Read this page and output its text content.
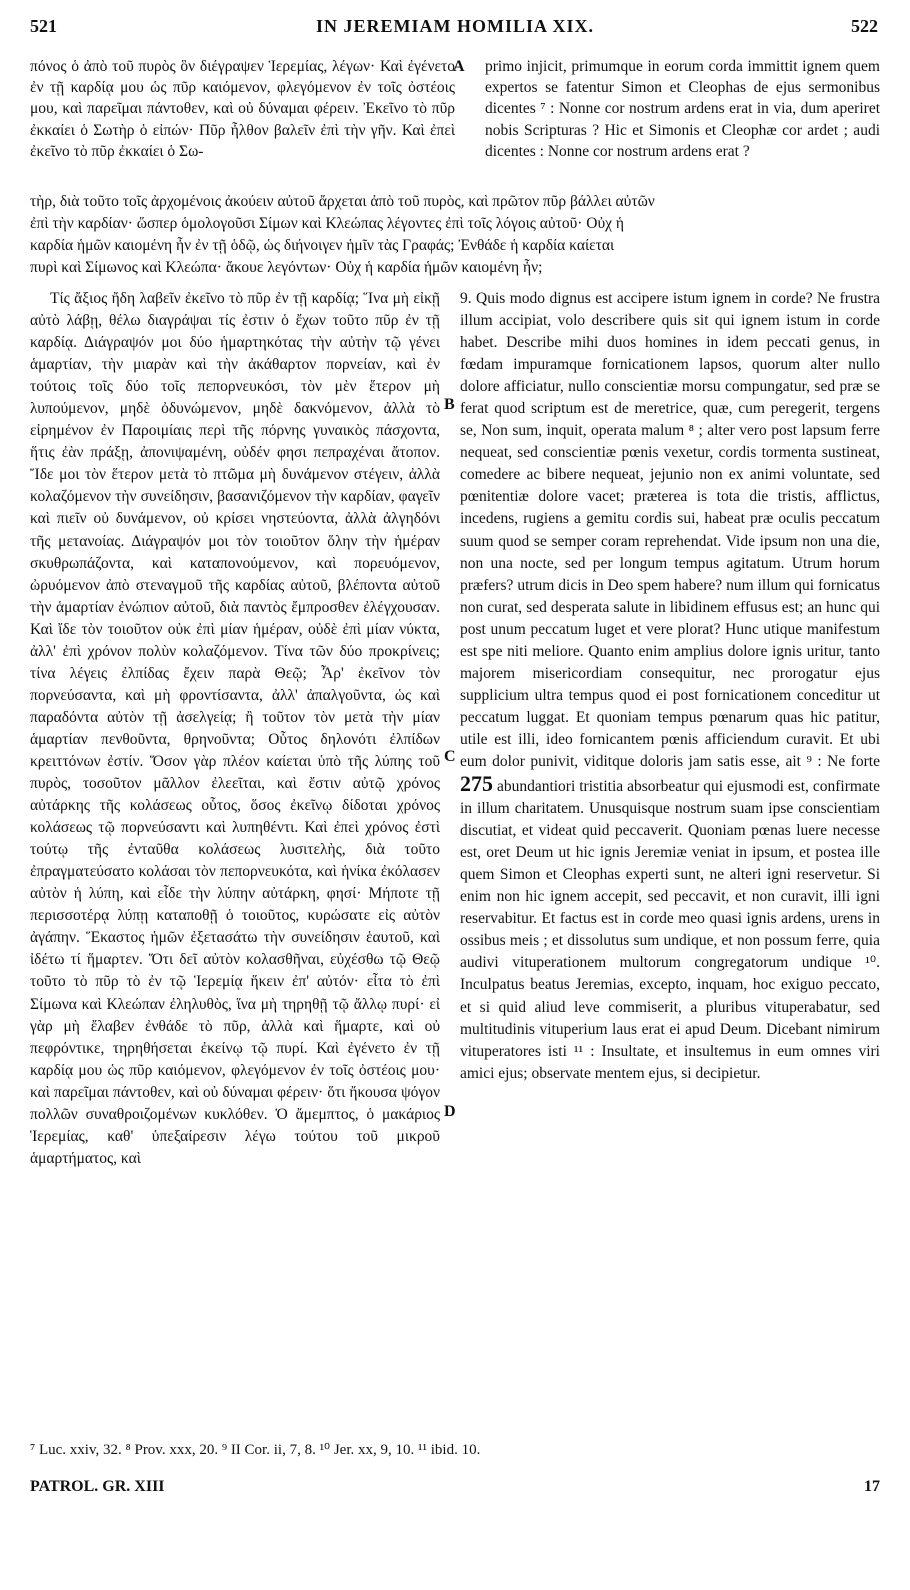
521	IN JEREMIAM HOMILIA XIX.	522

πόνος ὁ ἀπὸ τοῦ πυρὸς ὃν διέγραψεν Ἱερεμίας, λέγων· Καὶ ἐγένετο ἐν τῇ καρδίᾳ μου ὡς πῦρ καιόμενον, φλεγόμενον ἐν τοῖς ὀστέοις μου, καὶ παρεῖμαι πάντοθεν, καὶ οὐ δύναμαι φέρειν. Ἐκεῖνο τὸ πῦρ ἐκκαίει ὁ Σωτὴρ ὁ εἰπών· Πῦρ ἦλθον βαλεῖν ἐπὶ τὴν γῆν. Καὶ ἐπεὶ ἐκεῖνο τὸ πῦρ ἐκκαίει ὁ Σω-

A primo injicit, primumque in eorum corda immittit ignem quem expertos se fatentur Simon et Cleophas de ejus sermonibus dicentes ⁷ : Nonne cor nostrum ardens erat in via, dum aperiret nobis Scripturas ? Hic et Simonis et Cleophæ cor ardet ; audi dicentes : Nonne cor nostrum ardens erat ?

τὴρ, διὰ τοῦτο τοῖς ἀρχομένοις ἀκούειν αὐτοῦ ἄρχεται ἀπὸ τοῦ πυρὸς, καὶ πρῶτον πῦρ βάλλει αὐτῶν

ἐπὶ τὴν καρδίαν· ὥσπερ ὁμολογοῦσι Σίμων καὶ Κλεώπας λέγοντες ἐπὶ τοῖς λόγοις αὐτοῦ· Οὐχ ἡ

καρδία ἡμῶν καιομένη ἦν ἐν τῇ ὁδῷ, ὡς διήνοιγεν ἡμῖν τὰς Γραφάς; Ἐνθάδε ἡ καρδία καίεται

πυρὶ καὶ Σίμωνος καὶ Κλεώπα· ἄκουε λεγόντων· Οὐχ ἡ καρδία ἡμῶν καιομένη ἦν;

Τίς ἄξιος ἤδη λαβεῖν ἐκεῖνο τὸ πῦρ ἐν τῇ καρδίᾳ; Ἵνα μὴ εἰκῇ αὐτὸ λάβῃ, θέλω διαγράψαι τίς ἐστιν ὁ ἔχων τοῦτο πῦρ ἐν τῇ καρδίᾳ. Διάγραψόν μοι δύο ἡμαρτηκότας τὴν αὐτὴν τῷ γένει ἁμαρτίαν, τὴν μιαρὰν καὶ τὴν ἀκάθαρτον πορνείαν, καὶ ἐν τούτοις τοῖς δύο τοῖς πεπορνευκόσι, τὸν μὲν ἕτερον μὴ λυπούμενον, μηδὲ ὀδυνώμενον, μηδὲ δακνόμενον, ἀλλὰ τὸ εἰρημένον ἐν Παροιμίαις περὶ τῆς πόρνης γυναικὸς πάσχοντα, ἥτις ἐὰν πράξῃ, ἀπονιψαμένη, οὐδέν φησι πεπραχέναι ἄτοπον. Ἴδε μοι τὸν ἕτερον μετὰ τὸ πτῶμα μὴ δυνάμενον στέγειν, ἀλλὰ κολαζόμενον τὴν συνείδησιν, βασανιζόμενον τὴν καρδίαν, φαγεῖν καὶ πιεῖν οὐ δυνάμενον, οὐ κρίσει νηστεύοντα, ἀλλὰ ἀλγηδόνι τῆς μετανοίας. Διάγραψόν μοι τὸν τοιοῦτον ὅλην τὴν ἡμέραν σκυθρωπάζοντα, καὶ καταπονούμενον, καὶ πορευόμενον, ὠρυόμενον ἀπὸ στεναγμοῦ τῆς καρδίας αὐτοῦ, βλέποντα αὐτοῦ τὴν ἁμαρτίαν ἐνώπιον αὐτοῦ, διὰ παντὸς ἔμπροσθεν ἐλέγχουσαν. Καὶ ἴδε τὸν τοιοῦτον οὐκ ἐπὶ μίαν ἡμέραν, οὐδὲ ἐπὶ μίαν νύκτα, ἀλλ' ἐπὶ χρόνον πολὺν κολαζόμενον. Τίνα τῶν δύο προκρίνεις; τίνα λέγεις ἐλπίδας ἔχειν παρὰ Θεῷ; Ἆρ' ἐκεῖνον τὸν πορνεύσαντα, καὶ μὴ φροντίσαντα, ἀλλ' ἀπαλγοῦντα, ὡς καὶ παραδόντα αὐτὸν τῇ ἀσελγείᾳ; ἢ τοῦτον τὸν μετὰ τὴν μίαν ἁμαρτίαν πενθοῦντα, θρηνοῦντα; Οὗτος δηλονότι ἐλπίδων κρειττόνων ἐστίν. Ὅσον γὰρ πλέον καίεται ὑπὸ τῆς λύπης τοῦ πυρὸς, τοσοῦτον μᾶλλον ἐλεεῖται, καὶ ἔστιν αὐτῷ χρόνος αὐτάρκης τῆς κολάσεως οὗτος, ὅσος ἐκεῖνῳ δίδοται χρόνος κολάσεως τῷ πορνεύσαντι καὶ λυπηθέντι. Καὶ ἐπεὶ χρόνος ἐστὶ τούτῳ τῆς ἐνταῦθα κολάσεως λυσιτελὴς, διὰ τοῦτο ἐπραγματεύσατο κολάσαι τὸν πεπορνευκότα, καὶ ἡνίκα ἐκόλασεν αὐτὸν ἡ λύπη, καὶ εἶδε τὴν λύπην αὐτάρκη, φησί· Μήποτε τῇ περισσοτέρᾳ λύπῃ καταποθῇ ὁ τοιοῦτος, κυρώσατε εἰς αὐτὸν ἀγάπην. Ἕκαστος ἡμῶν ἐξετασάτω τὴν συνείδησιν ἑαυτοῦ, καὶ ἰδέτω τί ἥμαρτεν. Ὅτι δεῖ αὐτὸν κολασθῆναι, εὐχέσθω τῷ Θεῷ τοῦτο τὸ πῦρ τὸ ἐν τῷ Ἱερεμίᾳ ἥκειν ἐπ' αὐτόν· εἶτα τὸ ἐπὶ Σίμωνα καὶ Κλεώπαν ἐληλυθὸς, ἵνα μὴ τηρηθῇ τῷ ἄλλῳ πυρί· εἰ γὰρ μὴ ἔλαβεν ἐνθάδε τὸ πῦρ, ἀλλὰ καὶ ἥμαρτε, καὶ οὐ πεφρόντικε, τηρηθήσεται ἐκείνῳ τῷ πυρί. Καὶ ἐγένετο ἐν τῇ καρδίᾳ μου ὡς πῦρ καιόμενον, φλεγόμενον ἐν τοῖς ὀστέοις μου· καὶ παρεῖμαι πάντοθεν, καὶ οὐ δύναμαι φέρειν· ὅτι ἤκουσα ψόγον πολλῶν συναθροιζομένων κυκλόθεν. Ὁ ἄμεμπτος, ὁ μακάριος Ἱερεμίας, καθ' ὑπεξαίρεσιν λέγω τούτου τοῦ μικροῦ ἁμαρτήματος, καὶ

B
C
D

9. Quis modo dignus est accipere istum ignem in corde? Ne frustra illum accipiat, volo describere quis sit qui ignem istum in corde habet. Describe mihi duos homines in idem peccati genus, in fœdam impuramque fornicationem lapsos, quorum alter nullo dolore afficiatur, nullo conscientiæ morsu compungatur, sed præ se ferat quod scriptum est de meretrice, quæ, cum peregerit, tergens se, Non sum, inquit, operata malum ⁸ ; alter vero post lapsum ferre nequeat, sed conscientiæ pœnis vexetur, cordis tormenta sustineat, comedere ac bibere nequeat, jejunio non ex animi voluntate, sed pœnitentiæ dolore vacet; præterea is tota die tristis, afflictus, incedens, rugiens a gemitu cordis sui, habeat præ oculis peccatum suum quod se semper coram reprehendat. Vide ipsum non una die, non una nocte, sed per longum tempus agitatum. Utrum horum præfers? utrum dicis in Deo spem habere? num illum qui fornicatus non curat, sed desperata salute in libidinem effusus est; an hunc qui post unum peccatum luget et vere plorat? Hunc utique manifestum est spe niti meliore. Quanto enim amplius dolore ignis uritur, tanto majorem misericordiam consequitur, nec prorogatur ejus supplicium ultra tempus quod ei post fornicationem conceditur ut peccatum luggat. Et quoniam tempus pœnarum quas hic patitur, utile est illi, ideo fornicantem pœnis afficiendum curavit. Et ubi eum dolor punivit, viditque doloris jam satis esse, ait ⁹ : Ne forte

275 abundantiori tristitia absorbeatur qui ejusmodi est, confirmate in illum charitatem. Unusquisque nostrum suam ipse conscientiam discutiat, et videat quid peccaverit. Quoniam pœnas luere necesse est, oret Deum ut hic ignis Jeremiæ veniat in ipsum, et postea ille quem Simon et Cleophas experti sunt, ne alteri igni reservetur. Si enim non hic ignem accepit, sed peccavit, et non curavit, illi igni reservabitur. Et factus est in corde meo quasi ignis ardens, urens in ossibus meis ; et dissolutus sum undique, et non possum ferre, quia audivi vituperationem multorum congregatorum undique ¹⁰. Inculpatus beatus Jeremias, excepto, inquam, hoc exiguo peccato, et si quid aliud leve commiserit, a pluribus vituperabatur, sed multitudinis vituperium laus erat ei apud Deum. Dicebant nimirum vituperatores isti ¹¹ : Insultate, et insultemus in eum omnes viri amici ejus; observate mentem ejus, si decipietur.
⁷ Luc. xxiv, 32. ⁸ Prov. xxx, 20. ⁹ II Cor. ii, 7, 8. ¹⁰ Jer. xx, 9, 10. ¹¹ ibid. 10.
PATROL. GR. XIII	17
